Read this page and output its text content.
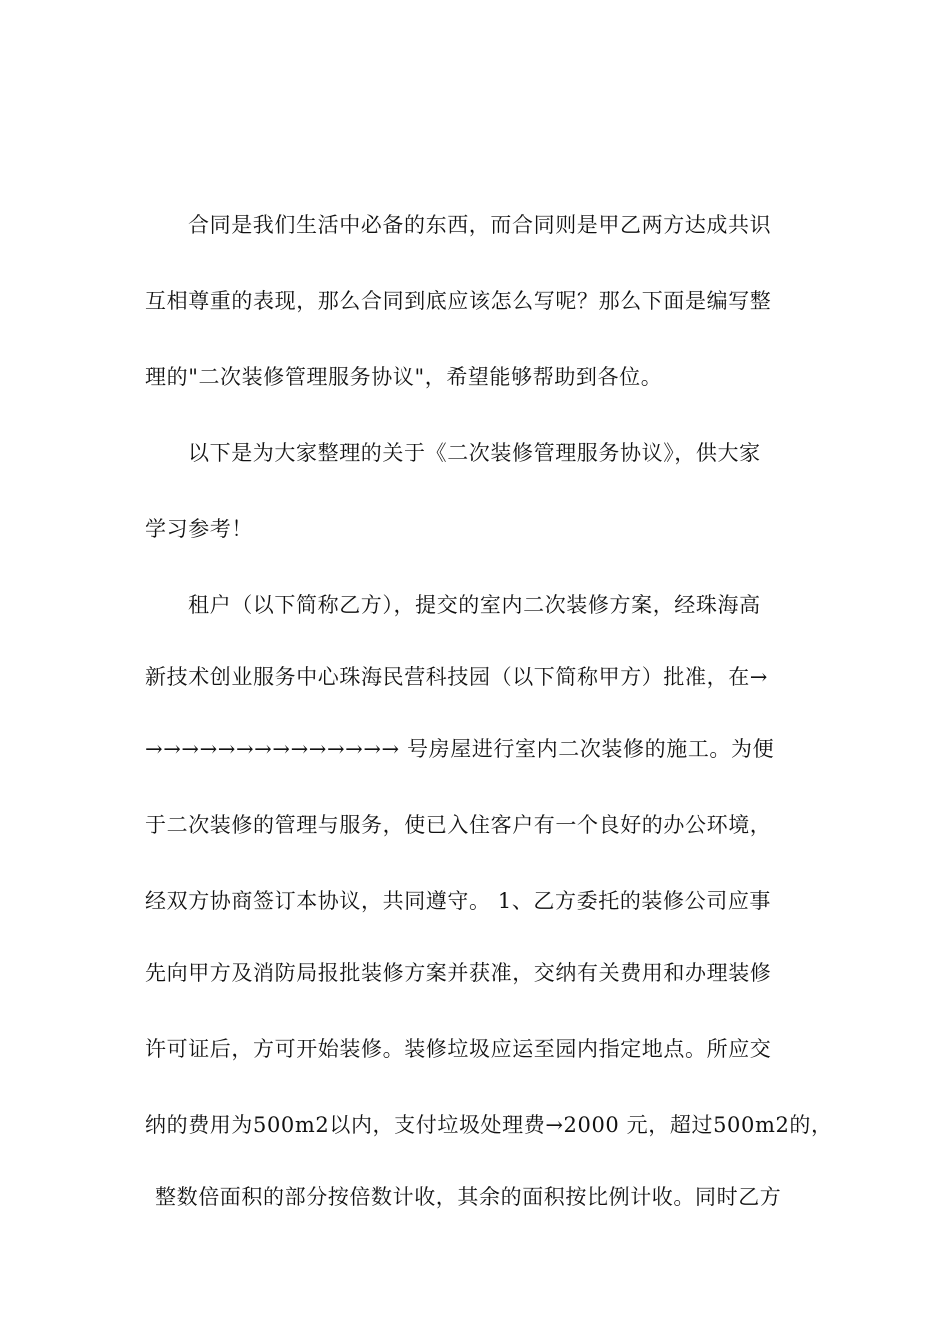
合同是我们生活中必备的东西，而合同则是甲乙两方达成共识
互相尊重的表现，那么合同到底应该怎么写呢？那么下面是编写整
理的"二次装修管理服务协议"，希望能够帮助到各位。
以下是为大家整理的关于《二次装修管理服务协议》，供大家
学习参考！
租户（以下简称乙方），提交的室内二次装修方案，经珠海高
新技术创业服务中心珠海民营科技园（以下简称甲方）批准，在→
→→→→→→→→→→→→→→ 号房屋进行室内二次装修的施工。为便
于二次装修的管理与服务，使已入住客户有一个良好的办公环境，
经双方协商签订本协议，共同遵守。 1、乙方委托的装修公司应事
先向甲方及消防局报批装修方案并获准，交纳有关费用和办理装修
许可证后，方可开始装修。装修垃圾应运至园内指定地点。所应交
纳的费用为500m2以内，支付垃圾处理费→2000 元，超过500m2的，
整数倍面积的部分按倍数计收，其余的面积按比例计收。同时乙方
